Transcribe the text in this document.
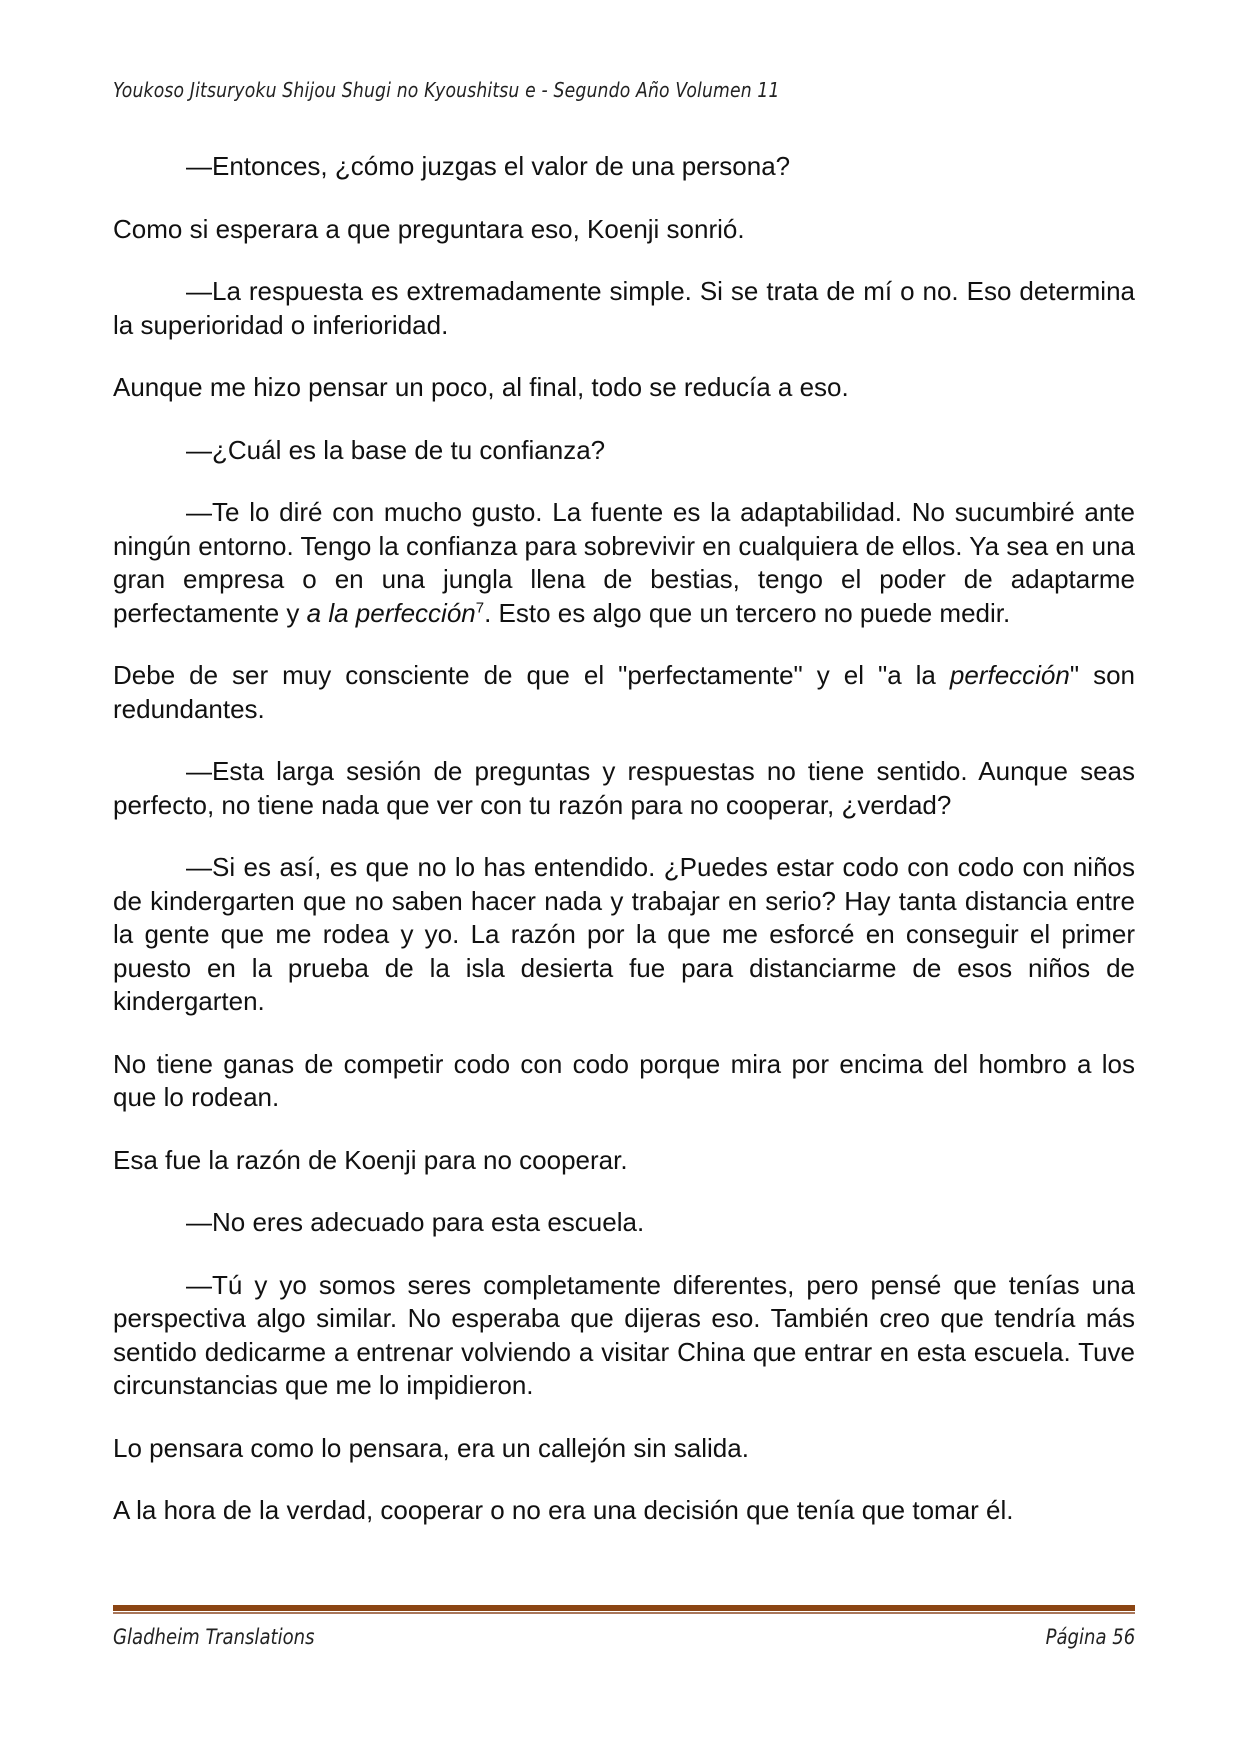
Youkoso Jitsuryoku Shijou Shugi no Kyoushitsu e - Segundo Año Volumen 11

—Entonces, ¿cómo juzgas el valor de una persona?

Como si esperara a que preguntara eso, Koenji sonrió.

—La respuesta es extremadamente simple. Si se trata de mí o no. Eso determina la superioridad o inferioridad.

Aunque me hizo pensar un poco, al final, todo se reducía a eso.

—¿Cuál es la base de tu confianza?

—Te lo diré con mucho gusto. La fuente es la adaptabilidad. No sucumbiré ante ningún entorno. Tengo la confianza para sobrevivir en cualquiera de ellos. Ya sea en una gran empresa o en una jungla llena de bestias, tengo el poder de adaptarme perfectamente y a la perfección$^7$. Esto es algo que un tercero no puede medir.

Debe de ser muy consciente de que el "perfectamente" y el "a la perfección" son redundantes.

—Esta larga sesión de preguntas y respuestas no tiene sentido. Aunque seas perfecto, no tiene nada que ver con tu razón para no cooperar, ¿verdad?

—Si es así, es que no lo has entendido. ¿Puedes estar codo con codo con niños de kindergarten que no saben hacer nada y trabajar en serio? Hay tanta distancia entre la gente que me rodea y yo. La razón por la que me esforcé en conseguir el primer puesto en la prueba de la isla desierta fue para distanciarme de esos niños de kindergarten.

No tiene ganas de competir codo con codo porque mira por encima del hombro a los que lo rodean.

Esa fue la razón de Koenji para no cooperar.

—No eres adecuado para esta escuela.

—Tú y yo somos seres completamente diferentes, pero pensé que tenías una perspectiva algo similar. No esperaba que dijeras eso. También creo que tendría más sentido dedicarme a entrenar volviendo a visitar China que entrar en esta escuela. Tuve circunstancias que me lo impidieron.

Lo pensara como lo pensara, era un callejón sin salida.

A la hora de la verdad, cooperar o no era una decisión que tenía que tomar él.

Gladheim Translations	Página 56
